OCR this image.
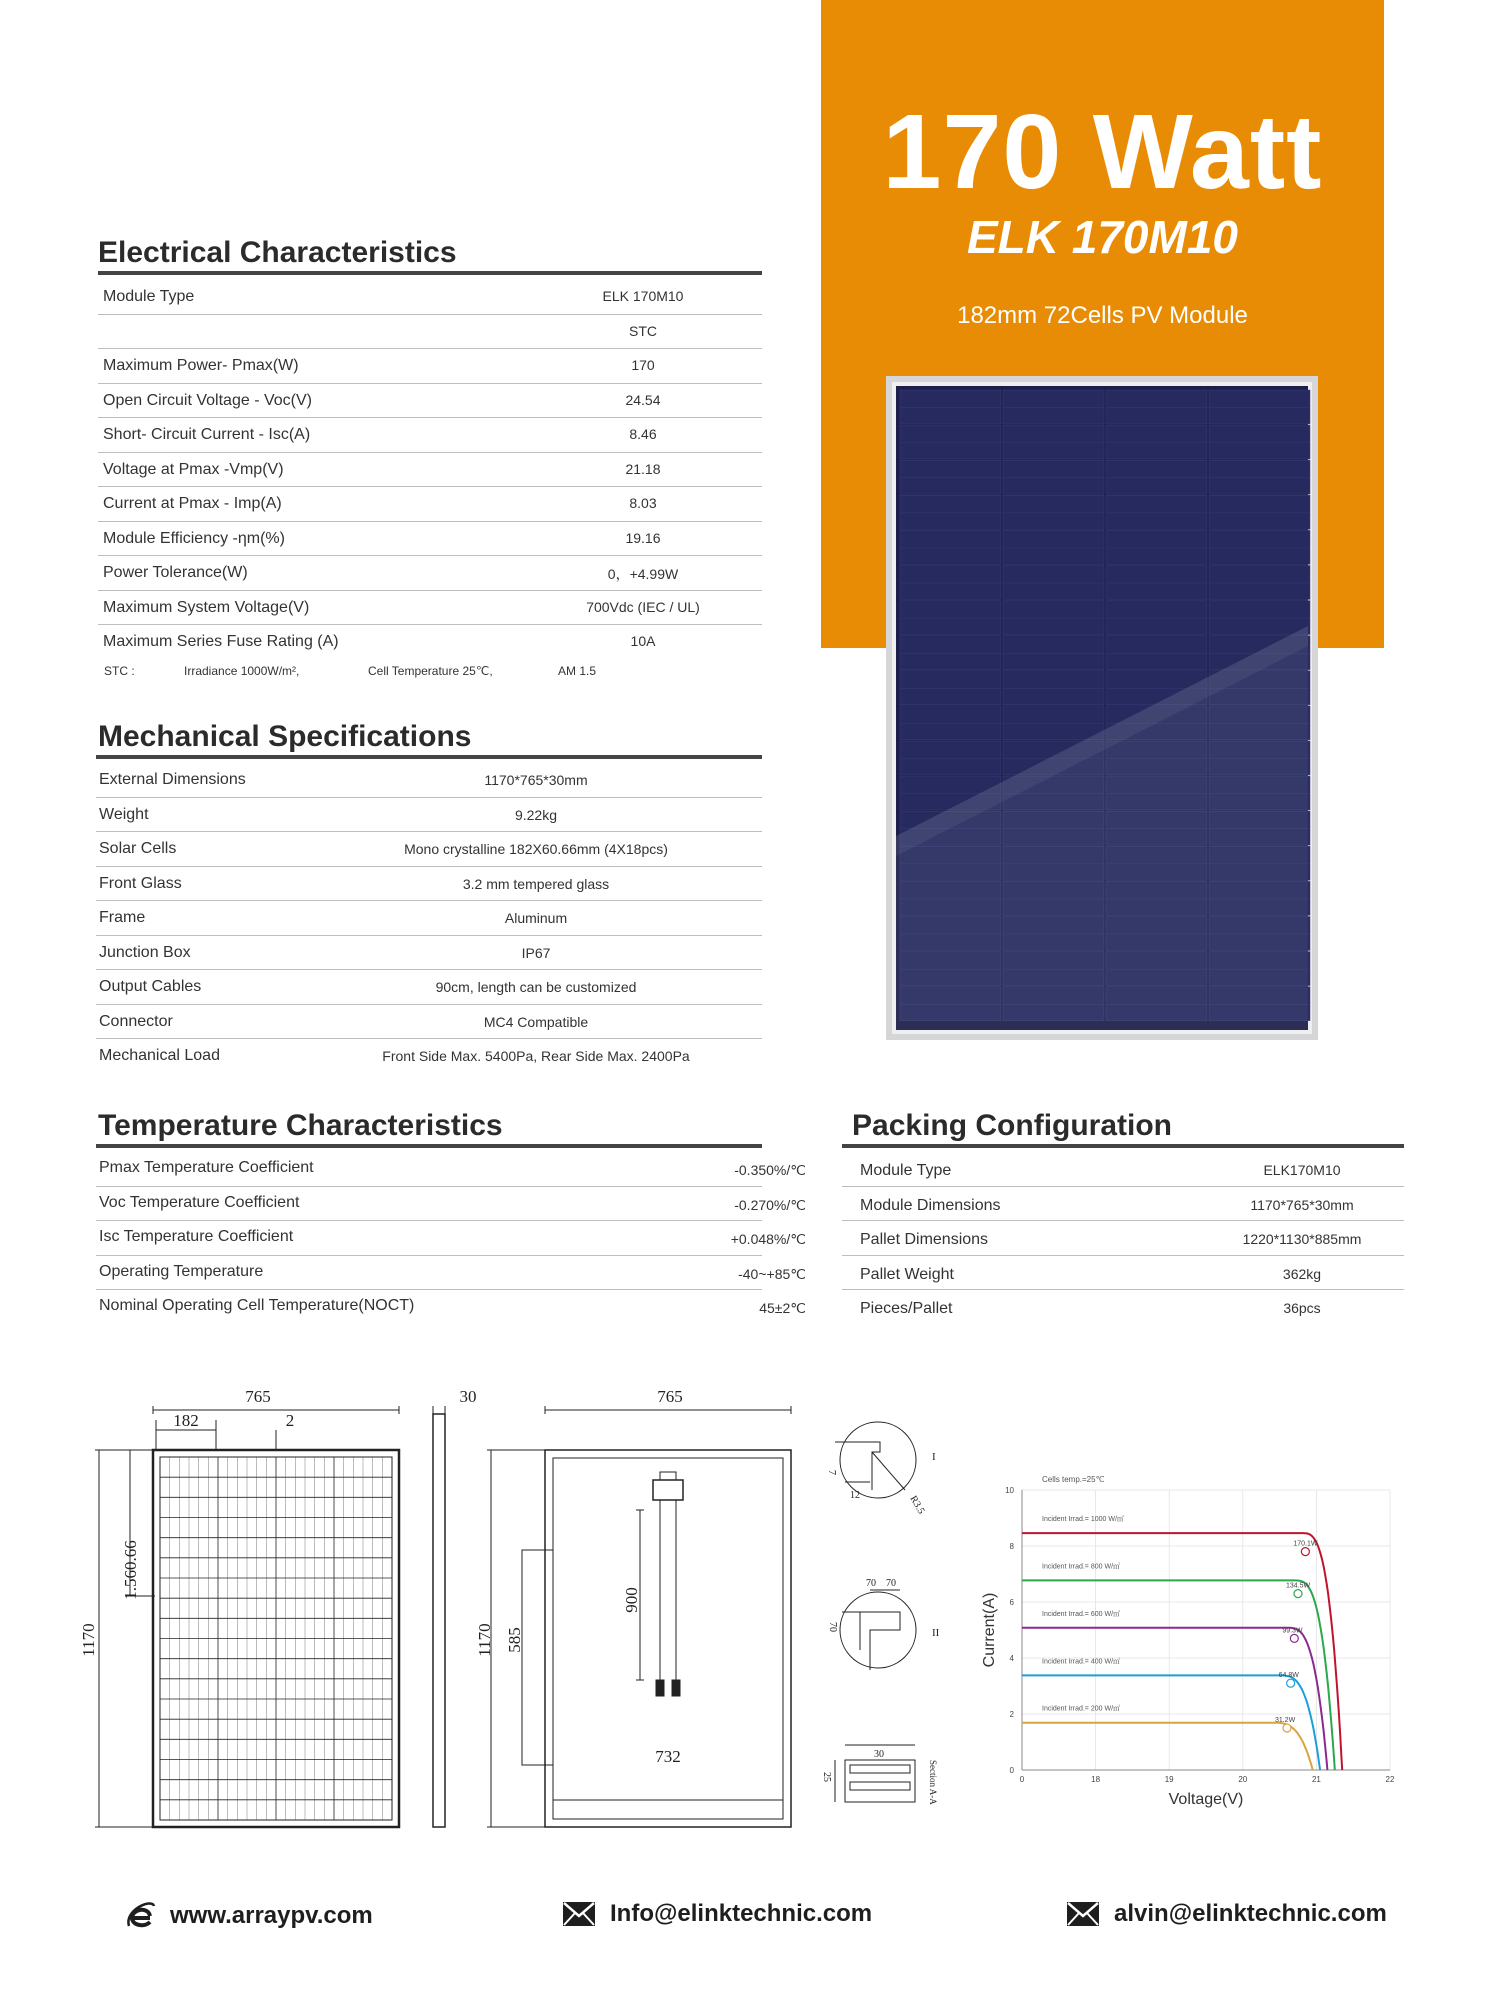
170 Watt
ELK 170M10
182mm 72Cells PV Module
Electrical Characteristics
Module Type	ELK 170M10
STC
Maximum Power- Pmax(W)	170
Open Circuit Voltage - Voc(V)	24.54
Short- Circuit Current - Isc(A)	8.46
Voltage at Pmax -Vmp(V)	21.18
Current at Pmax - Imp(A)	8.03
Module Efficiency -ηm(%)	19.16
Power Tolerance(W)	0，+4.99W
Maximum System Voltage(V)	700Vdc (IEC / UL)
Maximum Series Fuse Rating (A)	10A
STC :	Irradiance 1000W/m²,	Cell Temperature 25℃,	AM 1.5
Mechanical Specifications
External Dimensions	1170*765*30mm
Weight	9.22kg
Solar Cells	Mono crystalline 182X60.66mm (4X18pcs)
Front Glass	3.2 mm tempered glass
Frame	Aluminum
Junction Box	IP67
Output Cables	90cm, length can be customized
Connector	MC4 Compatible
Mechanical Load	Front Side Max. 5400Pa, Rear Side Max. 2400Pa
Temperature Characteristics
Pmax Temperature Coefficient	-0.350%/℃
Voc Temperature Coefficient	-0.270%/℃
Isc Temperature Coefficient	+0.048%/℃
Operating Temperature	-40~+85℃
Nominal Operating Cell Temperature(NOCT)	45±2℃
Packing Configuration
Module Type	ELK170M10
Module Dimensions	1170*765*30mm
Pallet Dimensions	1220*1130*885mm
Pallet Weight	362kg
Pieces/Pallet	36pcs
765
182	2
1.560.66
1170
30	765
1170 585
900
732
I
7
12	R3.5
II
70 70
70
30
25	Section A-A	0
2
4
6
8
10
0	18	19	20	21	22
Cells temp.=25℃
Voltage(V)
Current(A)
Incident Irrad.= 1000 W/㎡
170.1W
Incident Irrad.= 800 W/㎡
134.5W
Incident Irrad.= 600 W/㎡
99.3W
Incident Irrad.= 400 W/㎡
64.8W
Incident Irrad.= 200 W/㎡
31.2W
www.arraypv.com	Info@elinktechnic.com	alvin@elinktechnic.com
